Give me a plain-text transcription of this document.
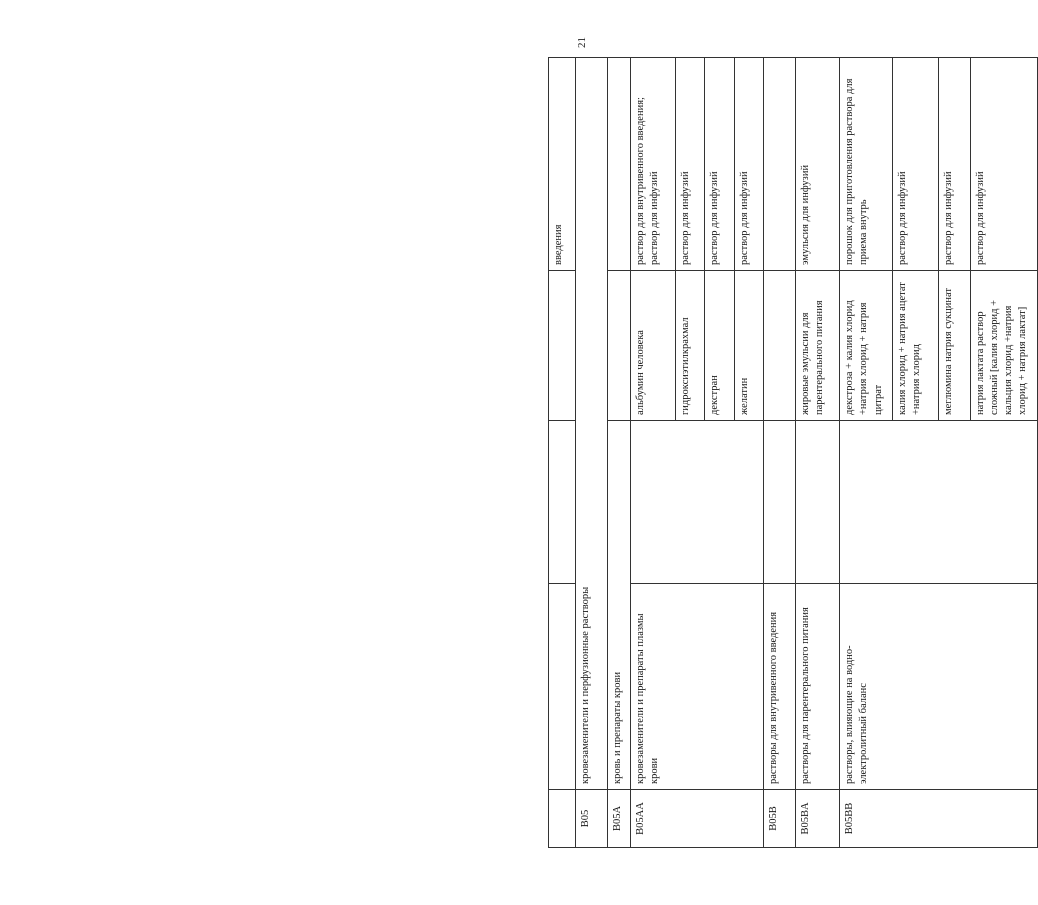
21
				введения
B05	кровезаменители и перфузионные растворы			
B05A	кровь и препараты крови			
B05AA	кровезаменители и препараты плазмы крови		альбумин человека	раствор для внутривенного введения; раствор для инфузий
			гидроксиэтилкрахмал	раствор для инфузий
			декстран	раствор для инфузий
			желатин	раствор для инфузий
B05B	растворы для внутривенного введения			
B05BA	растворы для парентерального питания		жировые эмульсии для парентерального питания	эмульсия для инфузий
B05BB	растворы, влияющие на водно-электролитный баланс		декстроза + калия хлорид +натрия хлорид + натрия цитрат	порошок для приготовления раствора для приема внутрь
			калия хлорид + натрия ацетат +натрия хлорид	раствор для инфузий
			меглюмина натрия сукцинат	раствор для инфузий
			натрия лактата раствор сложный [калия хлорид + кальция хлорид +натрия хлорид + натрия лактат]	раствор для инфузий
